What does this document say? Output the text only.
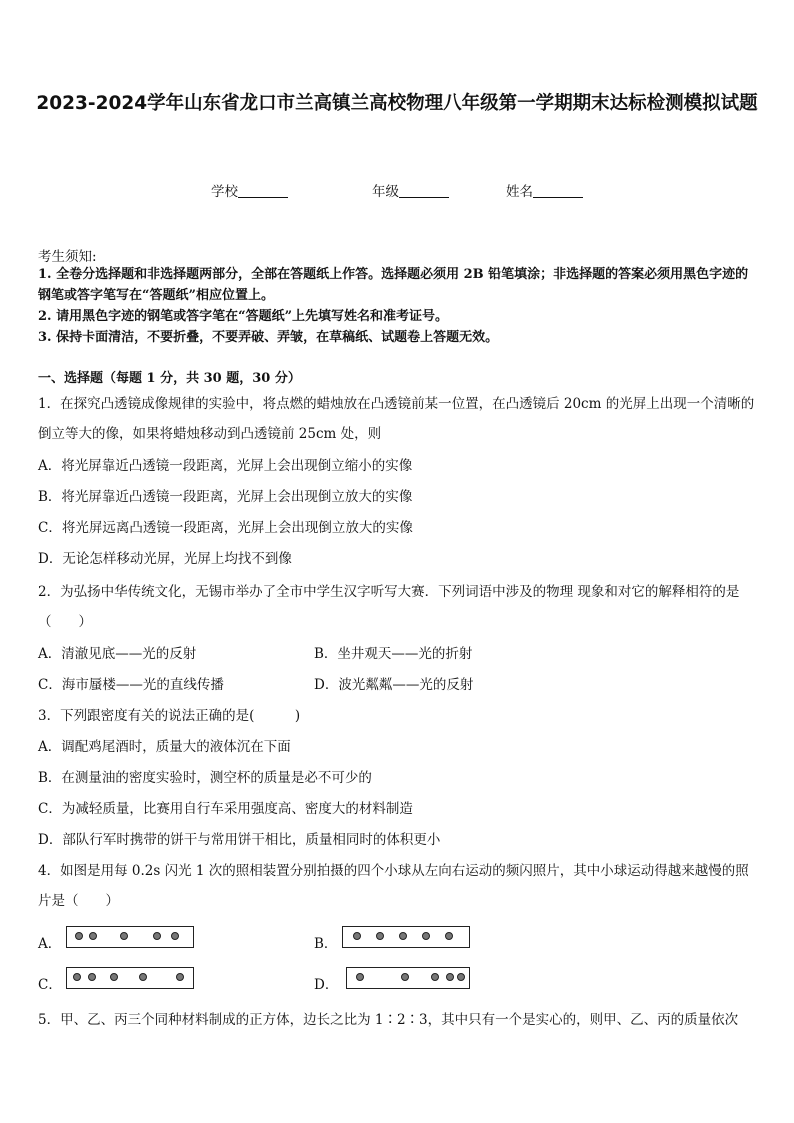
2023-2024学年山东省龙口市兰高镇兰高校物理八年级第一学期期末达标检测模拟试题
学校	年级	姓名
考生须知:
1. 全卷分选择题和非选择题两部分，全部在答题纸上作答。选择题必须用 2B 铅笔填涂；非选择题的答案必须用黑色字迹的钢笔或答字笔写在“答题纸”相应位置上。
2. 请用黑色字迹的钢笔或答字笔在“答题纸”上先填写姓名和准考证号。
3. 保持卡面清洁，不要折叠，不要弄破、弄皱，在草稿纸、试题卷上答题无效。
一、选择题（每题 1 分，共 30 题，30 分）
1．在探究凸透镜成像规律的实验中，将点燃的蜡烛放在凸透镜前某一位置，在凸透镜后 20cm 的光屏上出现一个清晰的倒立等大的像，如果将蜡烛移动到凸透镜前 25cm 处，则
A．将光屏靠近凸透镜一段距离，光屏上会出现倒立缩小的实像
B．将光屏靠近凸透镜一段距离，光屏上会出现倒立放大的实像
C．将光屏远离凸透镜一段距离，光屏上会出现倒立放大的实像
D．无论怎样移动光屏，光屏上均找不到像
2．为弘扬中华传统文化，无锡市举办了全市中学生汉字听写大赛．下列词语中涉及的物理 现象和对它的解释相符的是（　　）
A．清澈见底——光的反射	B．坐井观天——光的折射
C．海市蜃楼——光的直线传播	D．波光粼粼——光的反射
3．下列跟密度有关的说法正确的是(　　　)
A．调配鸡尾酒时，质量大的液体沉在下面
B．在测量油的密度实验时，测空杯的质量是必不可少的
C．为减轻质量，比赛用自行车采用强度高、密度大的材料制造
D．部队行军时携带的饼干与常用饼干相比，质量相同时的体积更小
4．如图是用每 0.2s 闪光 1 次的照相装置分别拍摄的四个小球从左向右运动的频闪照片，其中小球运动得越来越慢的照片是（　　）
A．	B．
C．	D．
5．甲、乙、丙三个同种材料制成的正方体，边长之比为 1∶2∶3，其中只有一个是实心的，则甲、乙、丙的质量依次
